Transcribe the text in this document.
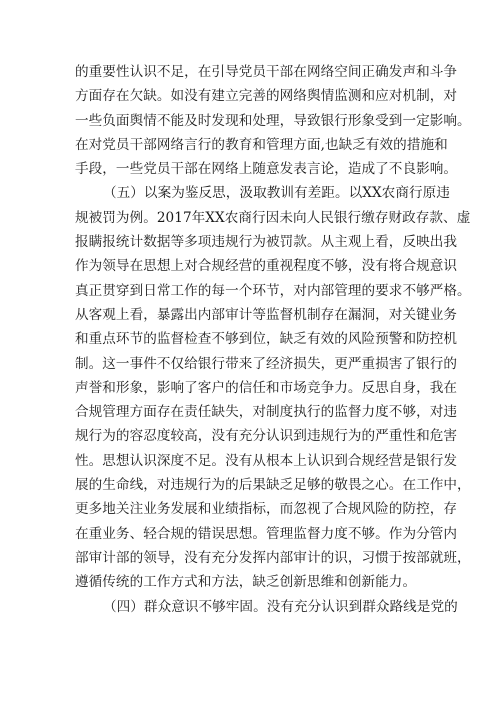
的重要性认识不足，在引导党员干部在网络空间正确发声和斗争
方面存在欠缺。如没有建立完善的网络舆情监测和应对机制，对
一些负面舆情不能及时发现和处理，导致银行形象受到一定影响。
在对党员干部网络言行的教育和管理方面,也缺乏有效的措施和
手段，一些党员干部在网络上随意发表言论，造成了不良影响。
（五）以案为鉴反思，汲取教训有差距。以XX农商行原违
规被罚为例。2017年XX农商行因未向人民银行缴存财政存款、虚
报瞒报统计数据等多项违规行为被罚款。从主观上看，反映出我
作为领导在思想上对合规经营的重视程度不够，没有将合规意识
真正贯穿到日常工作的每一个环节，对内部管理的要求不够严格。
从客观上看，暴露出内部审计等监督机制存在漏洞，对关键业务
和重点环节的监督检查不够到位，缺乏有效的风险预警和防控机
制。这一事件不仅给银行带来了经济损失，更严重损害了银行的
声誉和形象，影响了客户的信任和市场竞争力。反思自身，我在
合规管理方面存在责任缺失，对制度执行的监督力度不够，对违
规行为的容忍度较高，没有充分认识到违规行为的严重性和危害
性。思想认识深度不足。没有从根本上认识到合规经营是银行发
展的生命线，对违规行为的后果缺乏足够的敬畏之心。在工作中，
更多地关注业务发展和业绩指标，而忽视了合规风险的防控，存
在重业务、轻合规的错误思想。管理监督力度不够。作为分管内
部审计部的领导，没有充分发挥内部审计的识，习惯于按部就班，
遵循传统的工作方式和方法，缺乏创新思维和创新能力。
（四）群众意识不够牢固。没有充分认识到群众路线是党的
